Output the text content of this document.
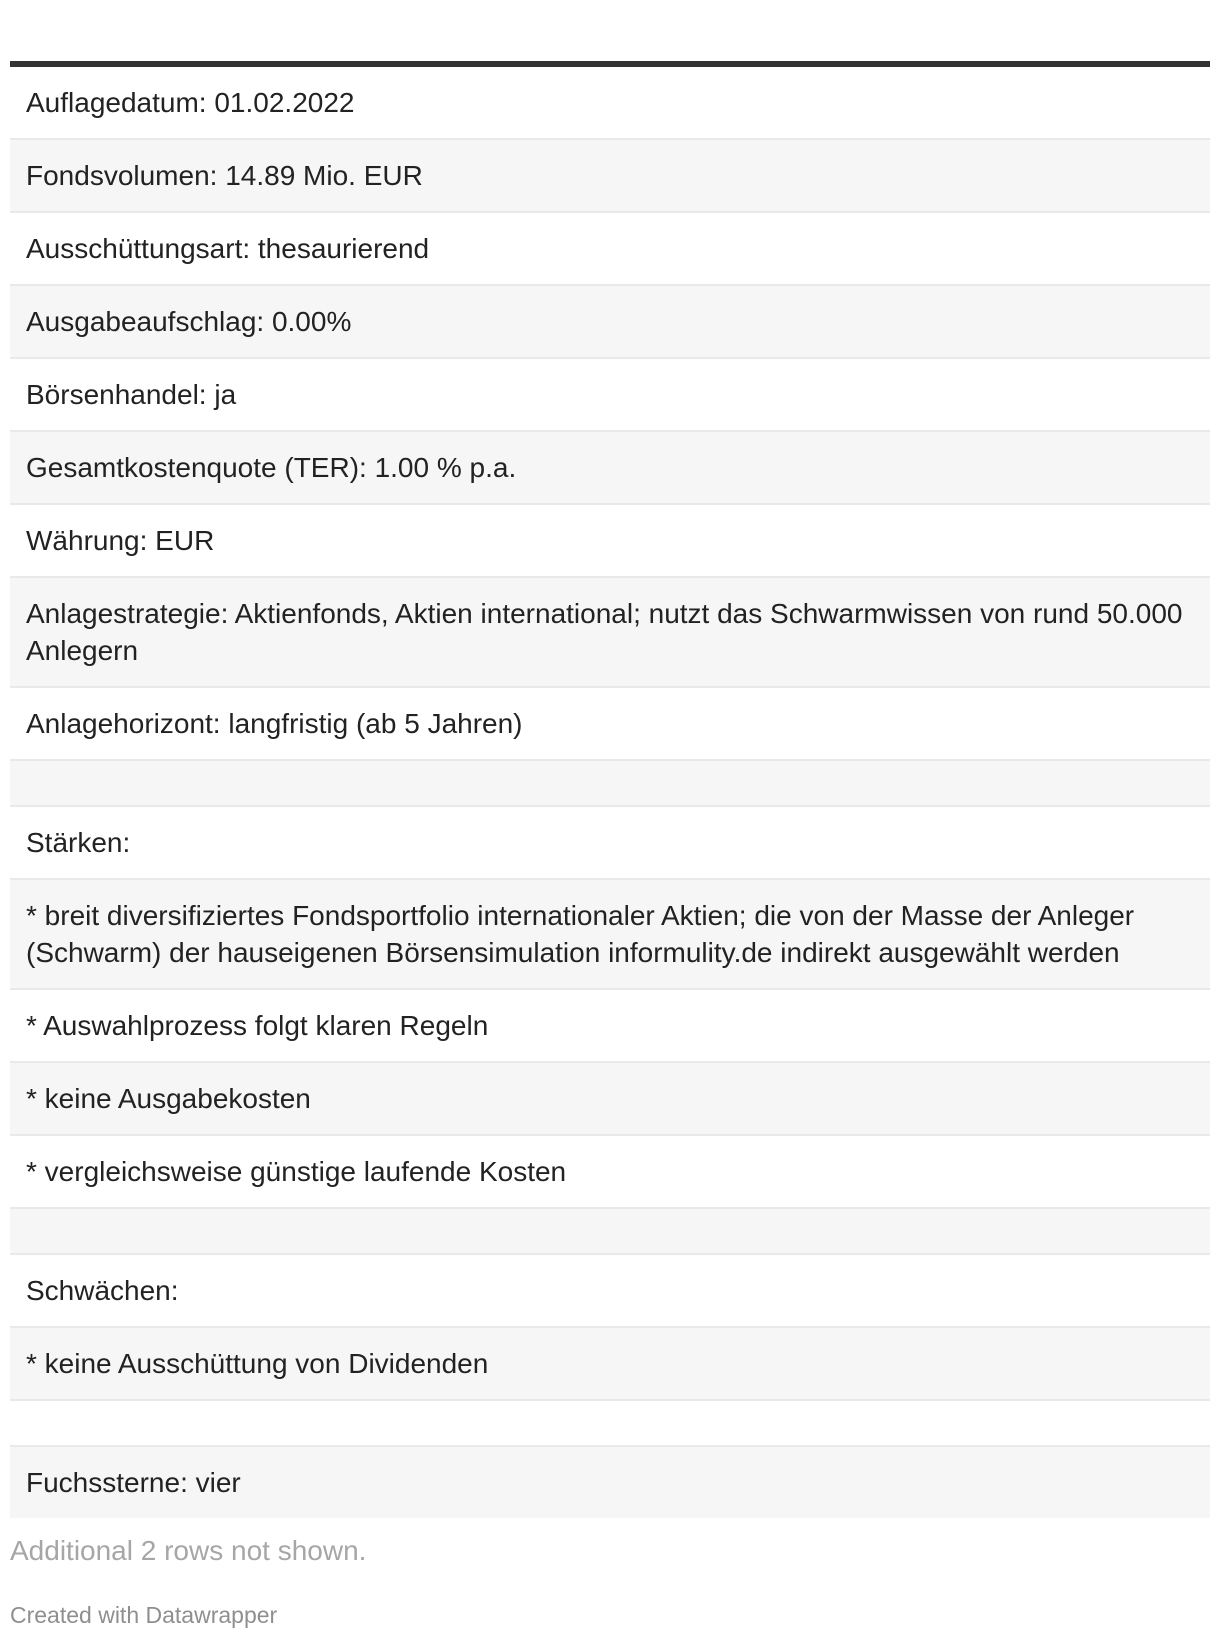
Auflagedatum: 01.02.2022
Fondsvolumen: 14.89 Mio. EUR
Ausschüttungsart: thesaurierend
Ausgabeaufschlag: 0.00%
Börsenhandel: ja
Gesamtkostenquote (TER): 1.00 % p.a.
Währung: EUR
Anlagestrategie: Aktienfonds, Aktien international; nutzt das Schwarmwissen von rund 50.000 Anlegern
Anlagehorizont: langfristig (ab 5 Jahren)
Stärken:
* breit diversifiziertes Fondsportfolio internationaler Aktien; die von der Masse der Anleger (Schwarm) der hauseigenen Börsensimulation informulity.de indirekt ausgewählt werden
* Auswahlprozess folgt klaren Regeln
* keine Ausgabekosten
* vergleichsweise günstige laufende Kosten
Schwächen:
* keine Ausschüttung von Dividenden
Fuchssterne: vier
Additional 2 rows not shown.
Created with Datawrapper
